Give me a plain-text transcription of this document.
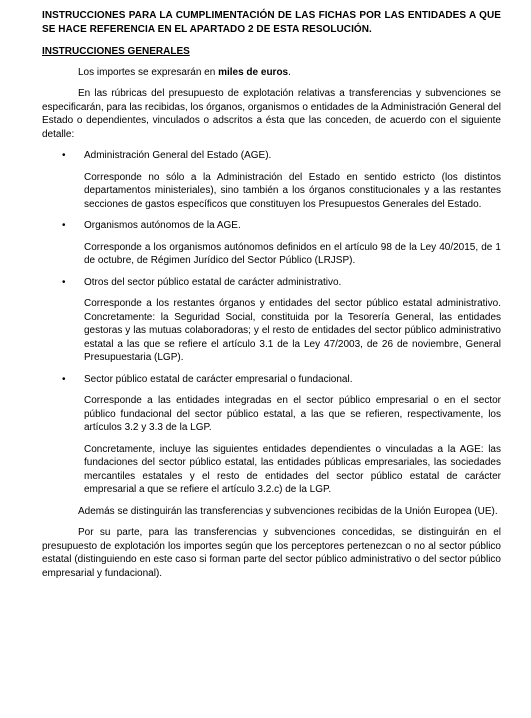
INSTRUCCIONES PARA LA CUMPLIMENTACIÓN DE LAS FICHAS POR LAS ENTIDADES A QUE SE HACE REFERENCIA EN EL APARTADO 2 DE ESTA RESOLUCIÓN.

INSTRUCCIONES GENERALES

Los importes se expresarán en miles de euros.

En las rúbricas del presupuesto de explotación relativas a transferencias y subvenciones se especificarán, para las recibidas, los órganos, organismos o entidades de la Administración General del Estado o dependientes, vinculados o adscritos a ésta que las conceden, de acuerdo con el siguiente detalle:

• Administración General del Estado (AGE).

Corresponde no sólo a la Administración del Estado en sentido estricto (los distintos departamentos ministeriales), sino también a los órganos constitucionales y a las restantes secciones de gastos específicos que constituyen los Presupuestos Generales del Estado.

• Organismos autónomos de la AGE.

Corresponde a los organismos autónomos definidos en el artículo 98 de la Ley 40/2015, de 1 de octubre, de Régimen Jurídico del Sector Público (LRJSP).

• Otros del sector público estatal de carácter administrativo.

Corresponde a los restantes órganos y entidades del sector público estatal administrativo. Concretamente: la Seguridad Social, constituida por la Tesorería General, las entidades gestoras y las mutuas colaboradoras; y el resto de entidades del sector público administrativo estatal a las que se refiere el artículo 3.1 de la Ley 47/2003, de 26 de noviembre, General Presupuestaria (LGP).

• Sector público estatal de carácter empresarial o fundacional.

Corresponde a las entidades integradas en el sector público empresarial o en el sector público fundacional del sector público estatal, a las que se refieren, respectivamente, los artículos 3.2 y 3.3 de la LGP.

Concretamente, incluye las siguientes entidades dependientes o vinculadas a la AGE: las fundaciones del sector público estatal, las entidades públicas empresariales, las sociedades mercantiles estatales y el resto de entidades del sector público estatal de carácter empresarial a que se refiere el artículo 3.2.c) de la LGP.

Además se distinguirán las transferencias y subvenciones recibidas de la Unión Europea (UE).

Por su parte, para las transferencias y subvenciones concedidas, se distinguirán en el presupuesto de explotación los importes según que los perceptores pertenezcan o no al sector público estatal (distinguiendo en este caso si forman parte del sector público administrativo o del sector público empresarial y fundacional).
